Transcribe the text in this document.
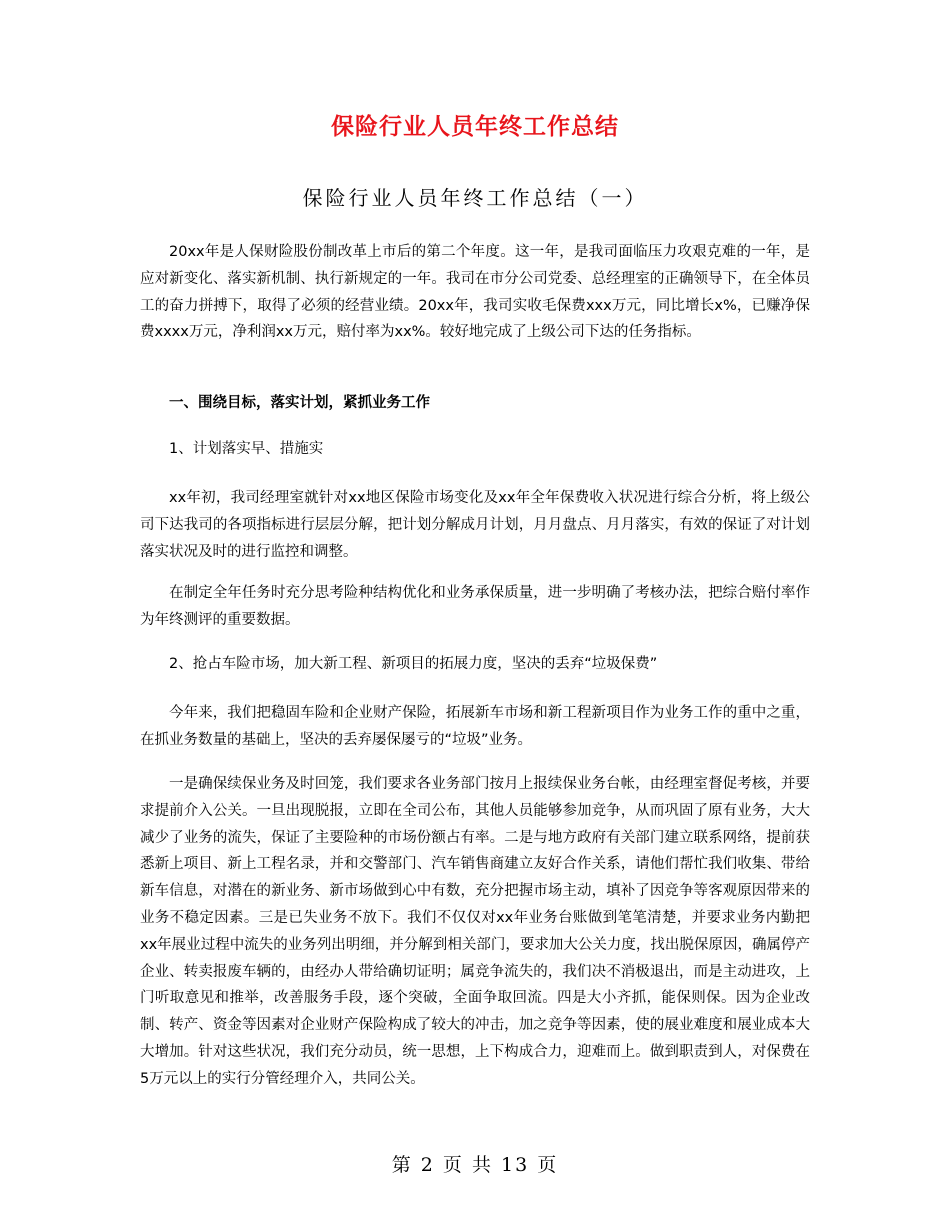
保险行业人员年终工作总结
保险行业人员年终工作总结（一）

20xx年是人保财险股份制改革上市后的第二个年度。这一年，是我司面临压力攻艰克难的一年，是应对新变化、落实新机制、执行新规定的一年。我司在市分公司党委、总经理室的正确领导下，在全体员工的奋力拼搏下，取得了必须的经营业绩。20xx年，我司实收毛保费xxx万元，同比增长x%，已赚净保费xxxx万元，净利润xx万元，赔付率为xx%。较好地完成了上级公司下达的任务指标。

一、围绕目标，落实计划，紧抓业务工作

1、计划落实早、措施实

xx年初，我司经理室就针对xx地区保险市场变化及xx年全年保费收入状况进行综合分析，将上级公司下达我司的各项指标进行层层分解，把计划分解成月计划，月月盘点、月月落实，有效的保证了对计划落实状况及时的进行监控和调整。

在制定全年任务时充分思考险种结构优化和业务承保质量，进一步明确了考核办法，把综合赔付率作为年终测评的重要数据。

2、抢占车险市场，加大新工程、新项目的拓展力度，坚决的丢弃“垃圾保费”

今年来，我们把稳固车险和企业财产保险，拓展新车市场和新工程新项目作为业务工作的重中之重，在抓业务数量的基础上，坚决的丢弃屡保屡亏的“垃圾”业务。

一是确保续保业务及时回笼，我们要求各业务部门按月上报续保业务台帐，由经理室督促考核，并要求提前介入公关。一旦出现脱报，立即在全司公布，其他人员能够参加竞争，从而巩固了原有业务，大大减少了业务的流失，保证了主要险种的市场份额占有率。二是与地方政府有关部门建立联系网络，提前获悉新上项目、新上工程名录，并和交警部门、汽车销售商建立友好合作关系，请他们帮忙我们收集、带给新车信息，对潜在的新业务、新市场做到心中有数，充分把握市场主动，填补了因竞争等客观原因带来的业务不稳定因素。三是已失业务不放下。我们不仅仅对xx年业务台账做到笔笔清楚，并要求业务内勤把xx年展业过程中流失的业务列出明细，并分解到相关部门，要求加大公关力度，找出脱保原因，确属停产企业、转卖报废车辆的，由经办人带给确切证明；属竞争流失的，我们决不消极退出，而是主动进攻，上门听取意见和推举，改善服务手段，逐个突破，全面争取回流。四是大小齐抓，能保则保。因为企业改制、转产、资金等因素对企业财产保险构成了较大的冲击，加之竞争等因素，使的展业难度和展业成本大大增加。针对这些状况，我们充分动员，统一思想，上下构成合力，迎难而上。做到职责到人，对保费在5万元以上的实行分管经理介入，共同公关。

第 2 页 共 13 页
